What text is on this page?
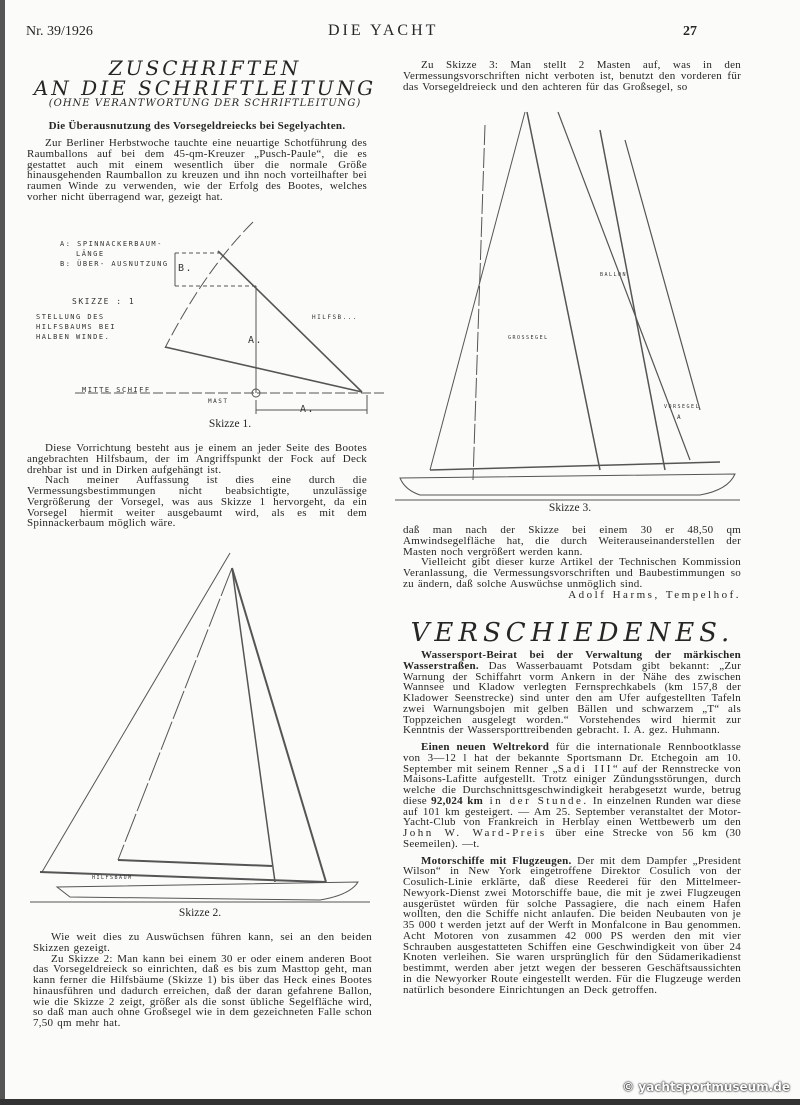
Nr. 39/1926	DIE YACHT	27
ZUSCHRIFTEN
AN DIE SCHRIFTLEITUNG
(OHNE VERANTWORTUNG DER SCHRIFTLEITUNG)
Die Überausnutzung des Vorsegeldreiecks bei Segelyachten.

Zur Berliner Herbstwoche tauchte eine neuartige Schotführung des Raumballons auf bei dem 45-qm-Kreuzer „Pusch-Paule“, die es gestattet auch mit einem wesentlich über die normale Größe hinausgehenden Raumballon zu kreuzen und ihn noch vorteilhafter bei raumen Winde zu verwenden, wie der Erfolg des Bootes, welches vorher nicht überragend war, gezeigt hat.

A: SPINNACKERBAUM-
LÄNGE
B: ÜBER- AUSNUTZUNG
SKIZZE : 1
STELLUNG DES
HILFSBAUMS BEI
HALBEN WINDE.
B.
A.
A.
HILFSB...
MITTE SCHIFF
MAST
Skizze 1.

Diese Vorrichtung besteht aus je einem an jeder Seite des Bootes angebrachten Hilfsbaum, der im Angriffspunkt der Fock auf Deck drehbar ist und in Dirken aufgehängt ist.

Nach meiner Auffassung ist dies eine durch die Vermessungsbestimmungen nicht beabsichtigte, unzulässige Vergrößerung der Vorsegel, was aus Skizze 1 hervorgeht, da ein Vorsegel hiermit weiter ausgebaumt wird, als es mit dem Spinnackerbaum möglich wäre.

HILFSBAUM
Skizze 2.

Wie weit dies zu Auswüchsen führen kann, sei an den beiden Skizzen gezeigt.

Zu Skizze 2: Man kann bei einem 30 er oder einem anderen Boot das Vorsegeldreieck so einrichten, daß es bis zum Masttop geht, man kann ferner die Hilfsbäume (Skizze 1) bis über das Heck eines Bootes hinausführen und dadurch erreichen, daß der daran gefahrene Ballon, wie die Skizze 2 zeigt, größer als die sonst übliche Segelfläche wird, so daß man auch ohne Großsegel wie in dem gezeichneten Falle schon 7,50 qm mehr hat.

Zu Skizze 3: Man stellt 2 Masten auf, was in den Vermessungsvorschriften nicht verboten ist, benutzt den vorderen für das Vorsegeldreieck und den achteren für das Großsegel, so

BALLON
GROSSEGEL
VORSEGEL
A
Skizze 3.

daß man nach der Skizze bei einem 30 er 48,50 qm Amwindsegelfläche hat, die durch Weiterauseinanderstellen der Masten noch vergrößert werden kann.

Vielleicht gibt dieser kurze Artikel der Technischen Kommission Veranlassung, die Vermessungsvorschriften und Baubestimmungen so zu ändern, daß solche Auswüchse unmöglich sind.
Adolf Harms, Tempelhof.

VERSCHIEDENES.

Wassersport-Beirat bei der Verwaltung der märkischen Wasserstraßen. Das Wasserbauamt Potsdam gibt bekannt: „Zur Warnung der Schiffahrt vorm Ankern in der Nähe des zwischen Wannsee und Kladow verlegten Fernsprechkabels (km 157,8 der Kladower Seenstrecke) sind unter den am Ufer aufgestellten Tafeln zwei Warnungsbojen mit gelben Bällen und schwarzem „T“ als Toppzeichen ausgelegt worden.“ Vorstehendes wird hiermit zur Kenntnis der Wassersporttreibenden gebracht. I. A. gez. Huhmann.

Einen neuen Weltrekord für die internationale Rennbootklasse von 3—12 l hat der bekannte Sportsmann Dr. Etchegoin am 10. September mit seinem Renner „Sadi III“ auf der Rennstrecke von Maisons-Lafitte aufgestellt. Trotz einiger Zündungsstörungen, durch welche die Durchschnittsgeschwindigkeit herabgesetzt wurde, betrug diese 92,024 km in der Stunde. In einzelnen Runden war diese auf 101 km gesteigert. — Am 25. September veranstaltet der Motor-Yacht-Club von Frankreich in Herblay einen Wettbewerb um den John W. Ward-Preis über eine Strecke von 56 km (30 Seemeilen). —t.

Motorschiffe mit Flugzeugen. Der mit dem Dampfer „President Wilson“ in New York eingetroffene Direktor Cosulich von der Cosulich-Linie erklärte, daß diese Reederei für den Mittelmeer-Newyork-Dienst zwei Motorschiffe baue, die mit je zwei Flugzeugen ausgerüstet würden für solche Passagiere, die nach einem Hafen wollten, den die Schiffe nicht anlaufen. Die beiden Neubauten von je 35 000 t werden jetzt auf der Werft in Monfalcone in Bau genommen. Acht Motoren von zusammen 42 000 PS werden den mit vier Schrauben ausgestatteten Schiffen eine Geschwindigkeit von über 24 Knoten verleihen. Sie waren ursprünglich für den Südamerikadienst bestimmt, werden aber jetzt wegen der besseren Geschäftsaussichten in die Newyorker Route eingestellt werden. Für die Flugzeuge werden natürlich besondere Einrichtungen an Deck getroffen.

© yachtsportmuseum.de
